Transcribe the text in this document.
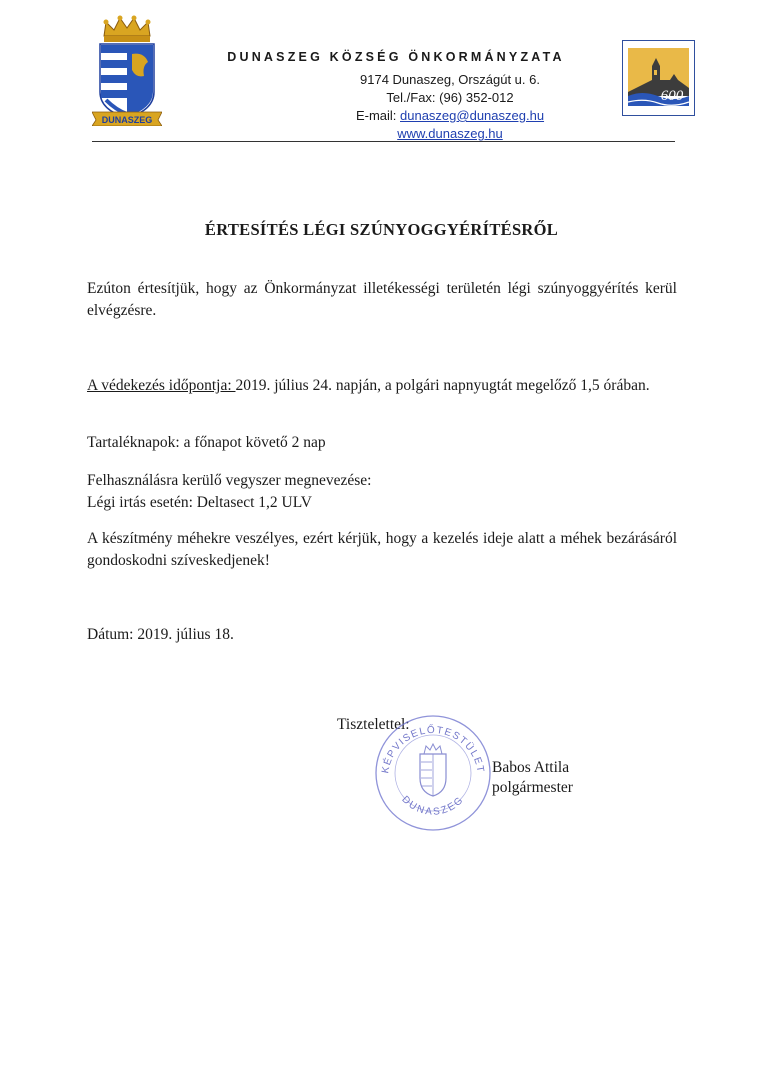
DUNASZEG
DUNASZEG KÖZSÉG ÖNKORMÁNYZATA
9174 Dunaszeg, Országút u. 6.
Tel./Fax: (96) 352-012
E-mail: dunaszeg@dunaszeg.hu
www.dunaszeg.hu
600
ÉRTESÍTÉS LÉGI SZÚNYOGGYÉRÍTÉSRŐL
Ezúton értesítjük, hogy az Önkormányzat illetékességi területén légi szúnyoggyérítés kerül elvégzésre.
A védekezés időpontja: 2019. július 24. napján, a polgári napnyugtát megelőző 1,5 órában.
Tartaléknapok: a főnapot követő 2 nap
Felhasználásra kerülő vegyszer megnevezése:
Légi irtás esetén: Deltasect 1,2 ULV
A készítmény méhekre veszélyes, ezért kérjük, hogy a kezelés ideje alatt a méhek bezárásáról gondoskodni szíveskedjenek!
Dátum: 2019. július 18.
Tisztelettel:
Babos Attila
polgármester
KÉPVISELŐTESTÜLET
DUNASZEG
